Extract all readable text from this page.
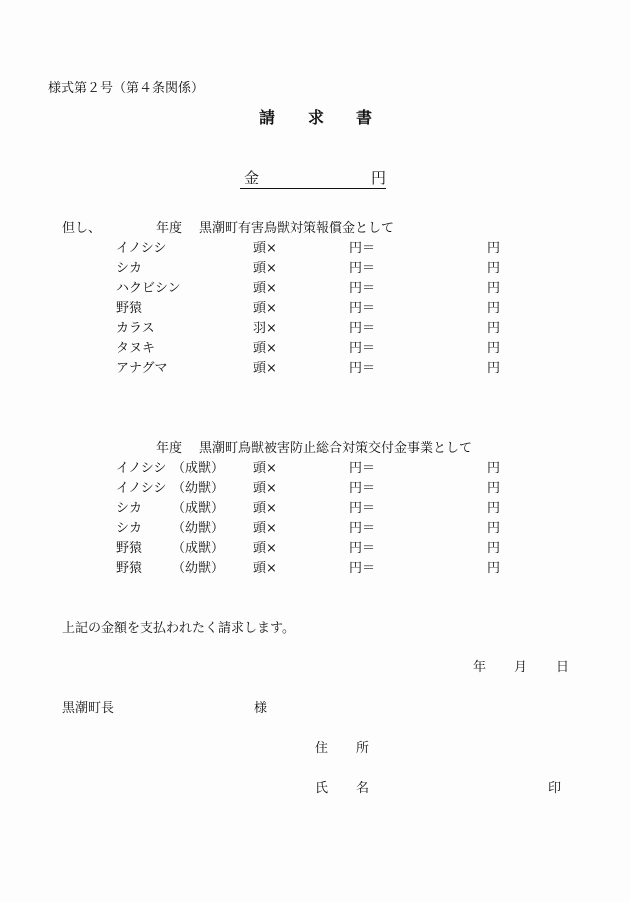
様式第２号（第４条関係）
請 求 書
金	円
但し、	年度 黒潮町有害鳥獣対策報償金として
イノシシ	頭×	円＝	円
シカ	頭×	円＝	円
ハクビシン	頭×	円＝	円
野猿	頭×	円＝	円
カラス	羽×	円＝	円
タヌキ	頭×	円＝	円
アナグマ	頭×	円＝	円
年度 黒潮町鳥獣被害防止総合対策交付金事業として
イノシシ （成獣） 頭×	円＝	円
イノシシ （幼獣） 頭×	円＝	円
シカ （成獣） 頭×	円＝	円
シカ （幼獣） 頭×	円＝	円
野猿 （成獣） 頭×	円＝	円
野猿 （幼獣） 頭×	円＝	円
上記の金額を支払われたく請求します。
年 月 日
黒潮町長	様
住 所
氏 名	印
